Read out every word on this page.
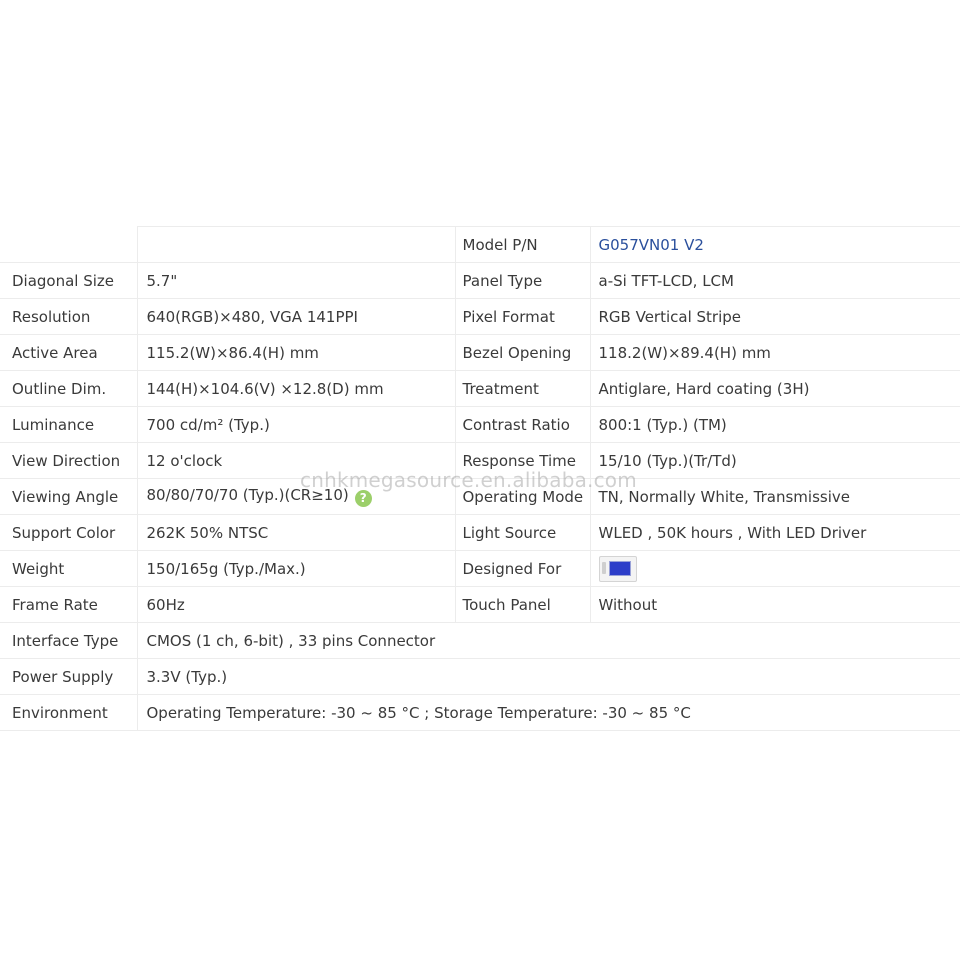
		Model P/N	G057VN01 V2
Diagonal Size	5.7"	Panel Type	a-Si TFT-LCD, LCM
Resolution	640(RGB)×480, VGA 141PPI	Pixel Format	RGB Vertical Stripe
Active Area	115.2(W)×86.4(H) mm	Bezel Opening	118.2(W)×89.4(H) mm
Outline Dim.	144(H)×104.6(V) ×12.8(D) mm	Treatment	Antiglare, Hard coating (3H)
Luminance	700 cd/m² (Typ.)	Contrast Ratio	800:1 (Typ.) (TM)
View Direction	12 o'clock	Response Time	15/10 (Typ.)(Tr/Td)
Viewing Angle	80/80/70/70 (Typ.)(CR≥10) ?	Operating Mode	TN, Normally White, Transmissive
Support Color	262K 50% NTSC	Light Source	WLED , 50K hours , With LED Driver
Weight	150/165g (Typ./Max.)	Designed For	

Frame Rate	60Hz	Touch Panel	Without
Interface Type	CMOS (1 ch, 6-bit) , 33 pins Connector		
Power Supply	3.3V (Typ.)		
Environment	Operating Temperature: -30 ~ 85 °C ; Storage Temperature: -30 ~ 85 °C		
cnhkmegasource.en.alibaba.com
